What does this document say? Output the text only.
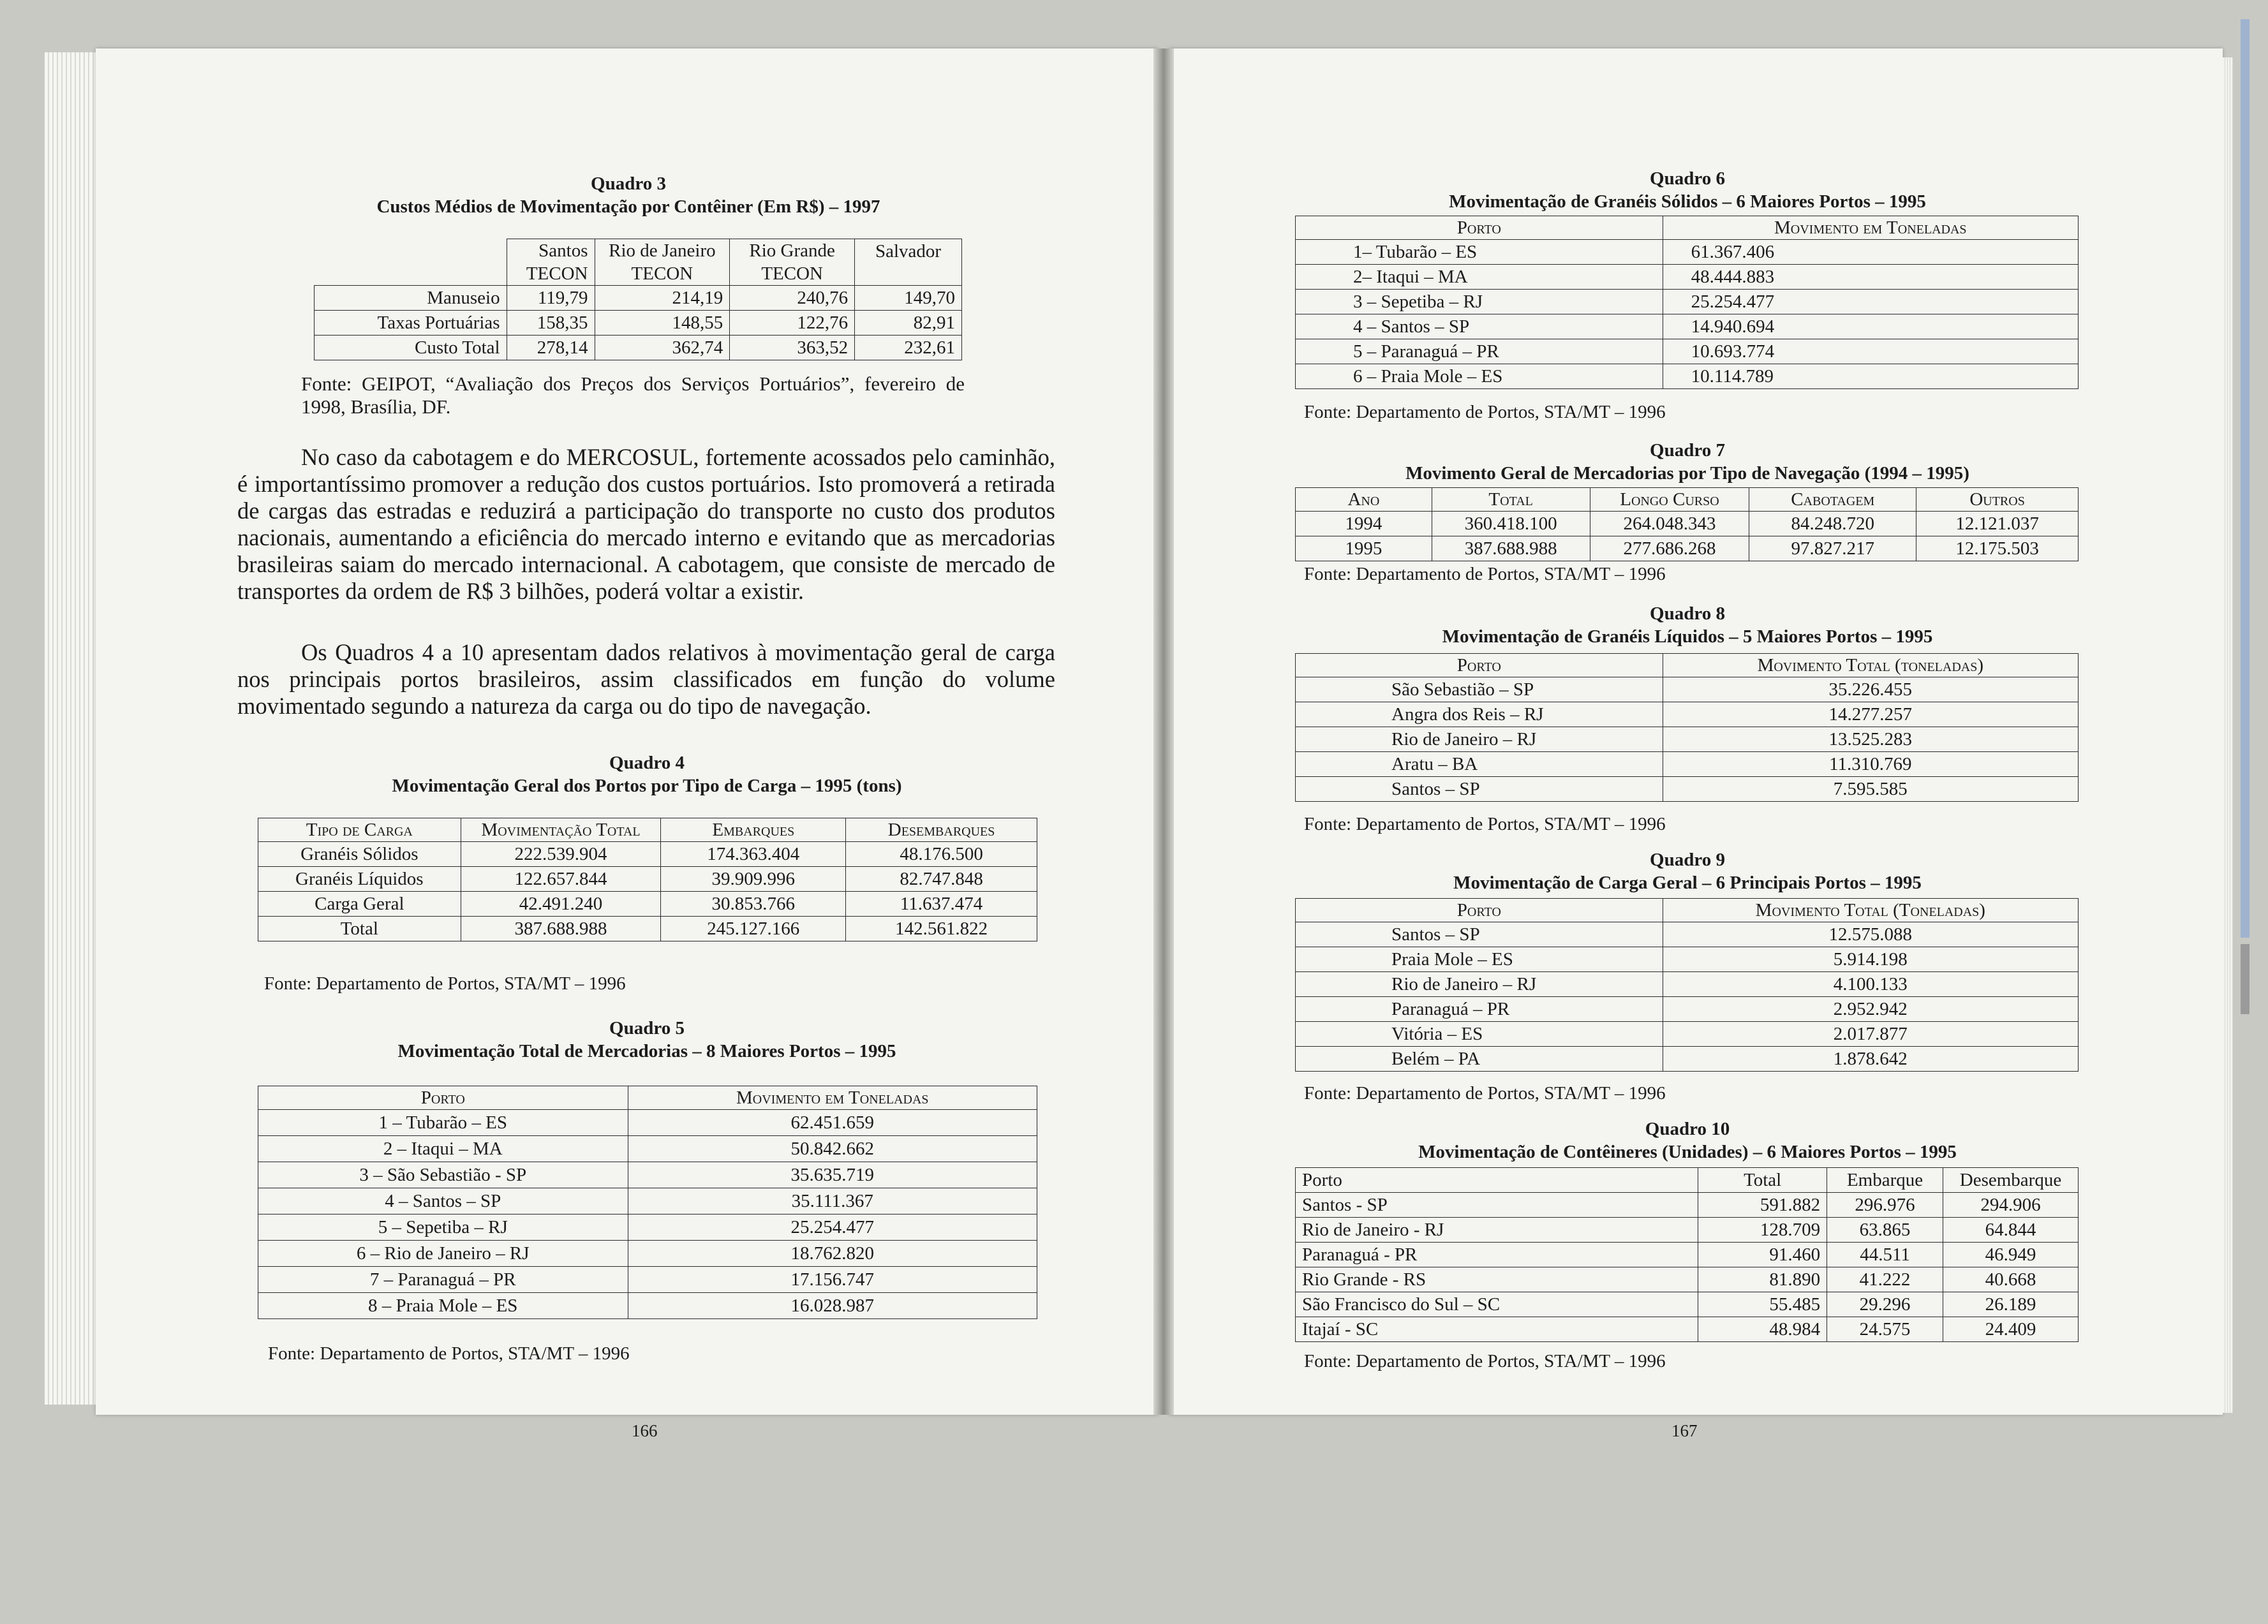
Quadro 3
Custos Médios de Movimentação por Contêiner (Em R$) – 1997
	Santos TECON	Rio de Janeiro TECON	Rio Grande TECON	Salvador
Manuseio	119,79	214,19	240,76	149,70
Taxas Portuárias	158,35	148,55	122,76	82,91
Custo Total	278,14	362,74	363,52	232,61
Fonte: GEIPOT, “Avaliação dos Preços dos Serviços Portuários”, fevereiro de 1998, Brasília, DF.
No caso da cabotagem e do MERCOSUL, fortemente acossados pelo caminhão, é importantíssimo promover a redução dos custos portuários. Isto promoverá a retirada de cargas das estradas e reduzirá a participação do transporte no custo dos produtos nacionais, aumentando a eficiência do mercado interno e evitando que as mercadorias brasileiras saiam do mercado internacional. A cabotagem, que consiste de mercado de transportes da ordem de R$ 3 bilhões, poderá voltar a existir.
Os Quadros 4 a 10 apresentam dados relativos à movimentação geral de carga nos principais portos brasileiros, assim classificados em função do volume movimentado segundo a natureza da carga ou do tipo de navegação.
Quadro 4
Movimentação Geral dos Portos por Tipo de Carga – 1995 (tons)
Tipo de Carga	Movimentação Total	Embarques	Desembarques
Granéis Sólidos	222.539.904	174.363.404	48.176.500
Granéis Líquidos	122.657.844	39.909.996	82.747.848
Carga Geral	42.491.240	30.853.766	11.637.474
Total	387.688.988	245.127.166	142.561.822
Fonte: Departamento de Portos, STA/MT – 1996
Quadro 5
Movimentação Total de Mercadorias – 8 Maiores Portos – 1995
Porto	Movimento em Toneladas
1 – Tubarão – ES	62.451.659
2 – Itaqui – MA	50.842.662
3 – São Sebastião - SP	35.635.719
4 – Santos – SP	35.111.367
5 – Sepetiba – RJ	25.254.477
6 – Rio de Janeiro – RJ	18.762.820
7 – Paranaguá – PR	17.156.747
8 – Praia Mole – ES	16.028.987
Fonte: Departamento de Portos, STA/MT – 1996
166
Quadro 6
Movimentação de Granéis Sólidos – 6 Maiores Portos – 1995
Porto	Movimento em Toneladas
1– Tubarão – ES	61.367.406
2– Itaqui – MA	48.444.883
3 – Sepetiba – RJ	25.254.477
4 – Santos – SP	14.940.694
5 – Paranaguá – PR	10.693.774
6 – Praia Mole – ES	10.114.789
Fonte: Departamento de Portos, STA/MT – 1996
Quadro 7
Movimento Geral de Mercadorias por Tipo de Navegação (1994 – 1995)
Ano	Total	Longo Curso	Cabotagem	Outros
1994	360.418.100	264.048.343	84.248.720	12.121.037
1995	387.688.988	277.686.268	97.827.217	12.175.503
Fonte: Departamento de Portos, STA/MT – 1996
Quadro 8
Movimentação de Granéis Líquidos – 5 Maiores Portos – 1995
Porto	Movimento Total (toneladas)
São Sebastião – SP	35.226.455
Angra dos Reis – RJ	14.277.257
Rio de Janeiro – RJ	13.525.283
Aratu – BA	11.310.769
Santos – SP	7.595.585
Fonte: Departamento de Portos, STA/MT – 1996
Quadro 9
Movimentação de Carga Geral – 6 Principais Portos – 1995
Porto	Movimento Total (Toneladas)
Santos – SP	12.575.088
Praia Mole – ES	5.914.198
Rio de Janeiro – RJ	4.100.133
Paranaguá – PR	2.952.942
Vitória – ES	2.017.877
Belém – PA	1.878.642
Fonte: Departamento de Portos, STA/MT – 1996
Quadro 10
Movimentação de Contêineres (Unidades) – 6 Maiores Portos – 1995
Porto	Total	Embarque	Desembarque
Santos - SP	591.882	296.976	294.906
Rio de Janeiro - RJ	128.709	63.865	64.844
Paranaguá - PR	91.460	44.511	46.949
Rio Grande - RS	81.890	41.222	40.668
São Francisco do Sul – SC	55.485	29.296	26.189
Itajaí - SC	48.984	24.575	24.409
Fonte: Departamento de Portos, STA/MT – 1996
167
